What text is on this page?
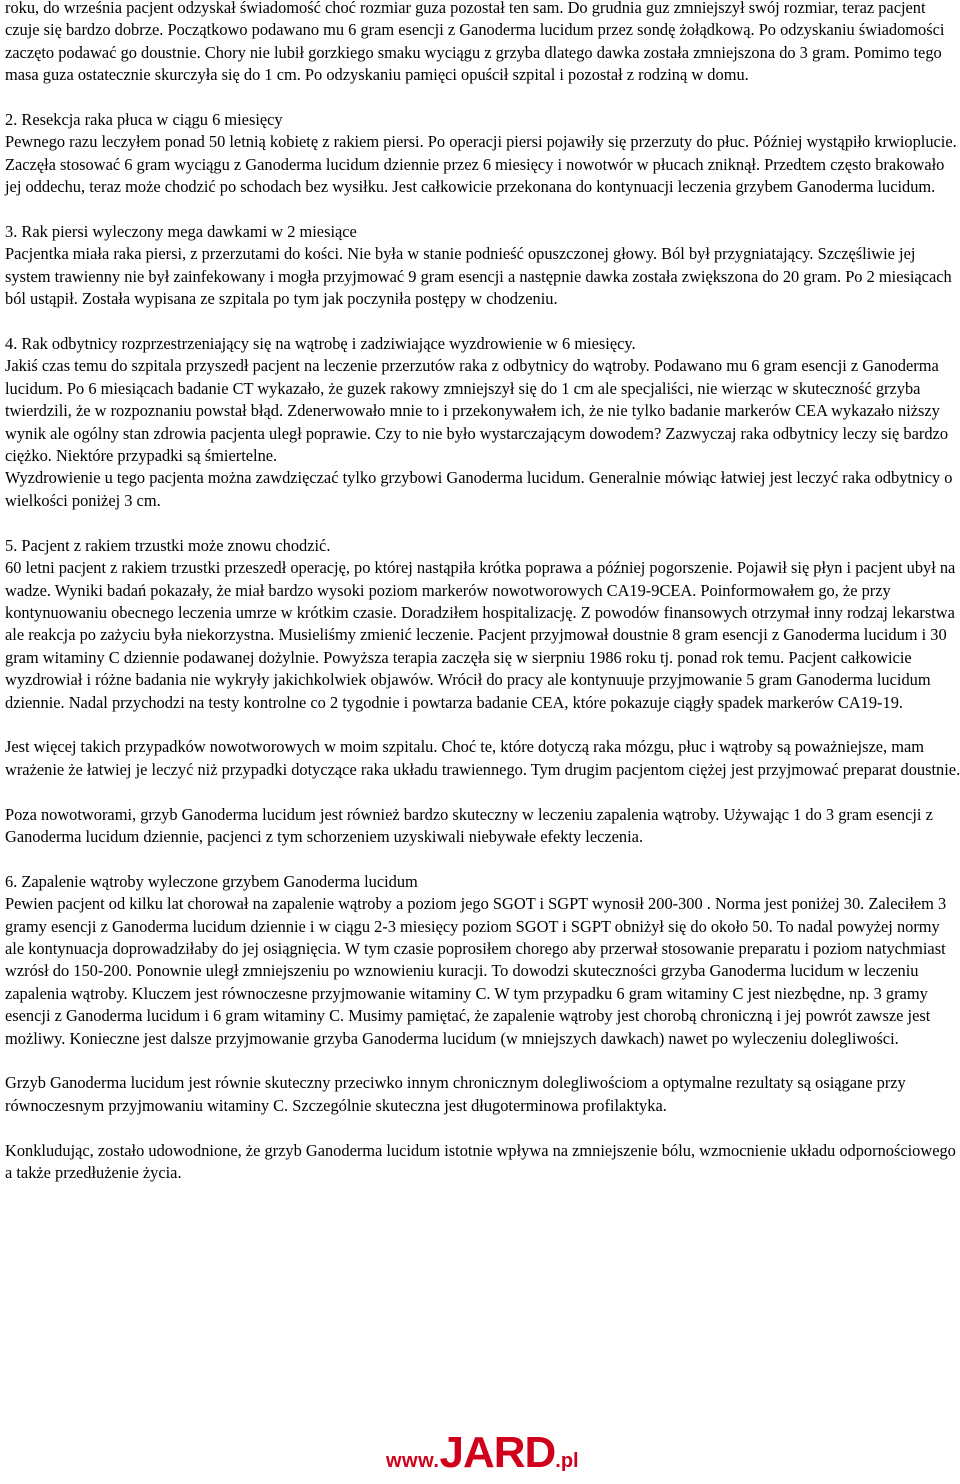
roku, do września pacjent odzyskał świadomość choć rozmiar guza pozostał ten sam. Do grudnia guz zmniejszył swój rozmiar, teraz pacjent czuje się bardzo dobrze. Początkowo podawano mu 6 gram esencji z Ganoderma lucidum przez sondę żołądkową. Po odzyskaniu świadomości zaczęto podawać go doustnie. Chory nie lubił gorzkiego smaku wyciągu z grzyba dlatego dawka została zmniejszona do 3 gram. Pomimo tego masa guza ostatecznie skurczyła się do 1 cm. Po odzyskaniu pamięci opuścił szpital i pozostał z rodziną w domu.

2. Resekcja raka płuca w ciągu 6 miesięcy
Pewnego razu leczyłem ponad 50 letnią kobietę z rakiem piersi. Po operacji piersi pojawiły się przerzuty do płuc. Później wystąpiło krwioplucie. Zaczęła stosować 6 gram wyciągu z Ganoderma lucidum dziennie przez 6 miesięcy i nowotwór w płucach zniknął. Przedtem często brakowało jej oddechu, teraz może chodzić po schodach bez wysiłku. Jest całkowicie przekonana do kontynuacji leczenia grzybem Ganoderma lucidum.

3. Rak piersi wyleczony mega dawkami w 2 miesiące
Pacjentka miała raka piersi, z przerzutami do kości. Nie była w stanie podnieść opuszczonej głowy. Ból był przygniatający. Szczęśliwie jej system trawienny nie był zainfekowany i mogła przyjmować 9 gram esencji a następnie dawka została zwiększona do 20 gram. Po 2 miesiącach ból ustąpił. Została wypisana ze szpitala po tym jak poczyniła postępy w chodzeniu.

4. Rak odbytnicy rozprzestrzeniający się na wątrobę i zadziwiające wyzdrowienie w 6 miesięcy.
Jakiś czas temu do szpitala przyszedł pacjent na leczenie przerzutów raka z odbytnicy do wątroby. Podawano mu 6 gram esencji z Ganoderma lucidum. Po 6 miesiącach badanie CT wykazało, że guzek rakowy zmniejszył się do 1 cm ale specjaliści, nie wierząc w skuteczność grzyba twierdzili, że w rozpoznaniu powstał błąd. Zdenerwowało mnie to i przekonywałem ich, że nie tylko badanie markerów CEA wykazało niższy wynik ale ogólny stan zdrowia pacjenta uległ poprawie. Czy to nie było wystarczającym dowodem? Zazwyczaj raka odbytnicy leczy się bardzo ciężko. Niektóre przypadki są śmiertelne.
Wyzdrowienie u tego pacjenta można zawdzięczać tylko grzybowi Ganoderma lucidum. Generalnie mówiąc łatwiej jest leczyć raka odbytnicy o wielkości poniżej 3 cm.

5. Pacjent z rakiem trzustki może znowu chodzić.
60 letni pacjent z rakiem trzustki przeszedł operację, po której nastąpiła krótka poprawa a później pogorszenie. Pojawił się płyn i pacjent ubył na wadze. Wyniki badań pokazały, że miał bardzo wysoki poziom markerów nowotworowych CA19-9CEA. Poinformowałem go, że przy kontynuowaniu obecnego leczenia umrze w krótkim czasie. Doradziłem hospitalizację. Z powodów finansowych otrzymał inny rodzaj lekarstwa ale reakcja po zażyciu była niekorzystna. Musieliśmy zmienić leczenie. Pacjent przyjmował doustnie 8 gram esencji z Ganoderma lucidum i 30 gram witaminy C dziennie podawanej dożylnie. Powyższa terapia zaczęła się w sierpniu 1986 roku tj. ponad rok temu. Pacjent całkowicie wyzdrowiał i różne badania nie wykryły jakichkolwiek objawów. Wrócił do pracy ale kontynuuje przyjmowanie 5 gram Ganoderma lucidum dziennie. Nadal przychodzi na testy kontrolne co 2 tygodnie i powtarza badanie CEA, które pokazuje ciągły spadek markerów CA19-19.

Jest więcej takich przypadków nowotworowych w moim szpitalu. Choć te, które dotyczą raka mózgu, płuc i wątroby są poważniejsze, mam wrażenie że łatwiej je leczyć niż przypadki dotyczące raka układu trawiennego. Tym drugim pacjentom ciężej jest przyjmować preparat doustnie.

Poza nowotworami, grzyb Ganoderma lucidum jest również bardzo skuteczny w leczeniu zapalenia wątroby. Używając 1 do 3 gram esencji z Ganoderma lucidum dziennie, pacjenci z tym schorzeniem uzyskiwali niebywałe efekty leczenia.

6. Zapalenie wątroby wyleczone grzybem Ganoderma lucidum
Pewien pacjent od kilku lat chorował na zapalenie wątroby a poziom jego SGOT i SGPT wynosił 200-300 . Norma jest poniżej 30. Zaleciłem 3 gramy esencji z Ganoderma lucidum dziennie i w ciągu 2-3 miesięcy poziom SGOT i SGPT obniżył się do około 50. To nadal powyżej normy ale kontynuacja doprowadziłaby do jej osiągnięcia. W tym czasie poprosiłem chorego aby przerwał stosowanie preparatu i poziom natychmiast wzrósł do 150-200. Ponownie uległ zmniejszeniu po wznowieniu kuracji. To dowodzi skuteczności grzyba Ganoderma lucidum w leczeniu zapalenia wątroby. Kluczem jest równoczesne przyjmowanie witaminy C. W tym przypadku 6 gram witaminy C jest niezbędne, np. 3 gramy esencji z Ganoderma lucidum i 6 gram witaminy C. Musimy pamiętać, że zapalenie wątroby jest chorobą chroniczną i jej powrót zawsze jest możliwy. Konieczne jest dalsze przyjmowanie grzyba Ganoderma lucidum (w mniejszych dawkach) nawet po wyleczeniu dolegliwości.

Grzyb Ganoderma lucidum jest równie skuteczny przeciwko innym chronicznym dolegliwościom a optymalne rezultaty są osiągane przy równoczesnym przyjmowaniu witaminy C. Szczególnie skuteczna jest długoterminowa profilaktyka.

Konkludując, zostało udowodnione, że grzyb Ganoderma lucidum istotnie wpływa na zmniejszenie bólu, wzmocnienie układu odpornościowego a także przedłużenie życia.

www.JARD.pl
